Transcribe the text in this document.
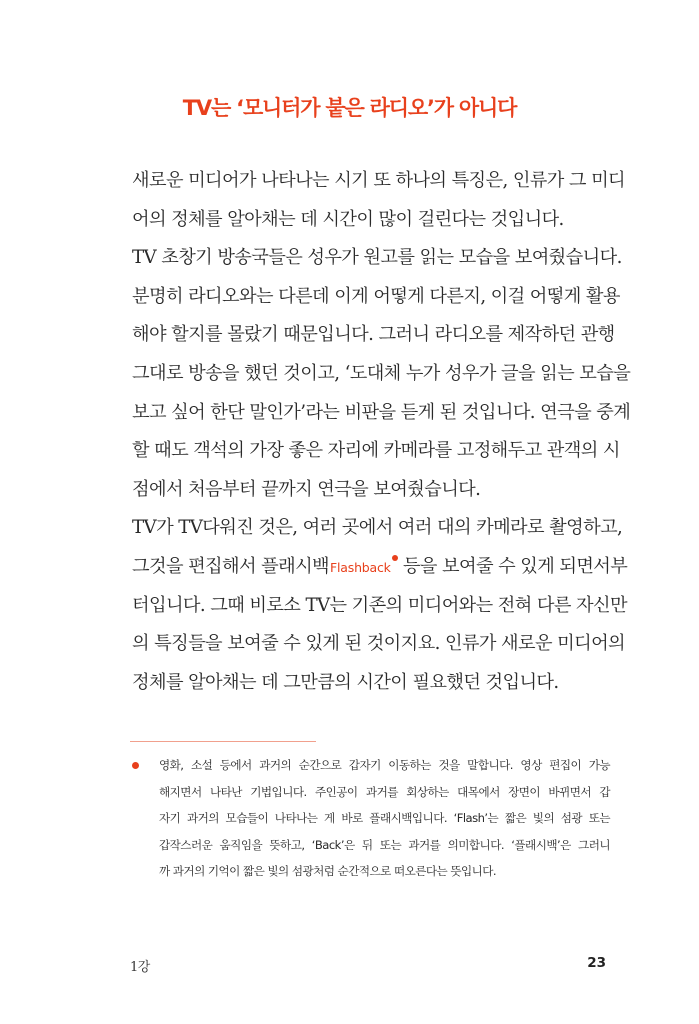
TV는 ‘모니터가 붙은 라디오’가 아니다
새로운 미디어가 나타나는 시기 또 하나의 특징은, 인류가 그 미디
어의 정체를 알아채는 데 시간이 많이 걸린다는 것입니다.
TV 초창기 방송국들은 성우가 원고를 읽는 모습을 보여줬습니다.
분명히 라디오와는 다른데 이게 어떻게 다른지, 이걸 어떻게 활용
해야 할지를 몰랐기 때문입니다. 그러니 라디오를 제작하던 관행
그대로 방송을 했던 것이고, ‘도대체 누가 성우가 글을 읽는 모습을
보고 싶어 한단 말인가’라는 비판을 듣게 된 것입니다. 연극을 중계
할 때도 객석의 가장 좋은 자리에 카메라를 고정해두고 관객의 시
점에서 처음부터 끝까지 연극을 보여줬습니다.
TV가 TV다워진 것은, 여러 곳에서 여러 대의 카메라로 촬영하고,
그것을 편집해서 플래시백Flashback 등을 보여줄 수 있게 되면서부
터입니다. 그때 비로소 TV는 기존의 미디어와는 전혀 다른 자신만
의 특징들을 보여줄 수 있게 된 것이지요. 인류가 새로운 미디어의
정체를 알아채는 데 그만큼의 시간이 필요했던 것입니다.
영화, 소설 등에서 과거의 순간으로 갑자기 이동하는 것을 말합니다. 영상 편집이 가능
해지면서 나타난 기법입니다. 주인공이 과거를 회상하는 대목에서 장면이 바뀌면서 갑
자기 과거의 모습들이 나타나는 게 바로 플래시백입니다. ‘Flash’는 짧은 빛의 섬광 또는
갑작스러운 움직임을 뜻하고, ‘Back’은 뒤 또는 과거를 의미합니다. ‘플래시백’은 그러니
까 과거의 기억이 짧은 빛의 섬광처럼 순간적으로 떠오른다는 뜻입니다.
1강	23
